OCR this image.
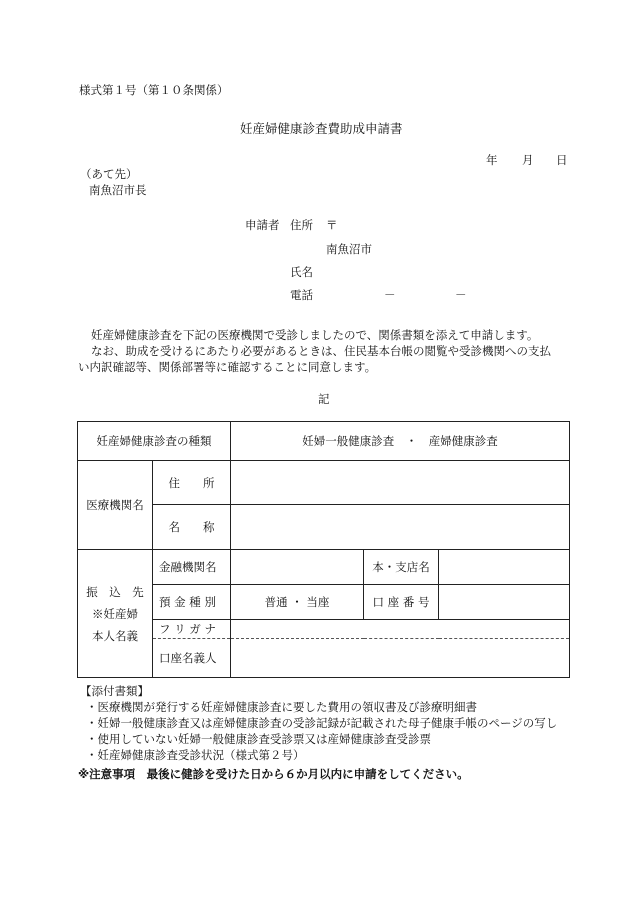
様式第１号（第１０条関係）
妊産婦健康診査費助成申請書
年 月 日
（あて先）
南魚沼市長
申請者 住所 〒
南魚沼市
氏名
電話	－	－
妊産婦健康診査を下記の医療機関で受診しましたので、関係書類を添えて申請します。
なお、助成を受けるにあたり必要があるときは、住民基本台帳の閲覧や受診機関への支払
い内訳確認等、関係部署等に確認することに同意します。
記
妊産婦健康診査の種類		妊婦一般健康診査　・　産婦健康診査		
医療機関名	住　　所			
	名　　称			

振　込　先
※妊産婦
本人名義	金融機関名		本・支店名	
	預 金 種 別	普通 ・ 当座	口 座 番 号	
	フ リ ガ ナ			
	口座名義人			
【添付書類】
・医療機関が発行する妊産婦健康診査に要した費用の領収書及び診療明細書
・妊婦一般健康診査又は産婦健康診査の受診記録が記載された母子健康手帳のページの写し
・使用していない妊婦一般健康診査受診票又は産婦健康診査受診票
・妊産婦健康診査受診状況（様式第２号）
※注意事項　最後に健診を受けた日から６か月以内に申請をしてください。
